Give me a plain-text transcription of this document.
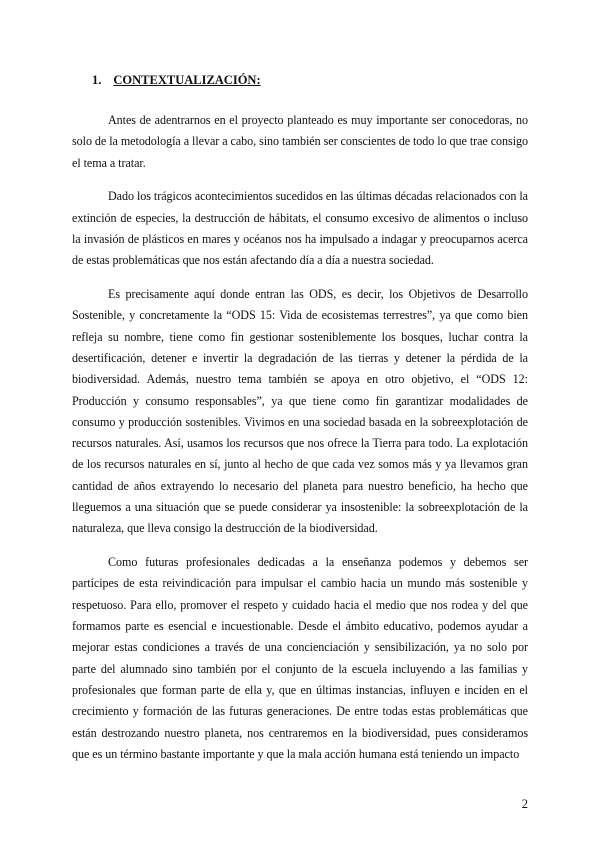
1. CONTEXTUALIZACIÓN:

Antes de adentrarnos en el proyecto planteado es muy importante ser conocedoras, no solo de la metodología a llevar a cabo, sino también ser conscientes de todo lo que trae consigo el tema a tratar.

Dado los trágicos acontecimientos sucedidos en las últimas décadas relacionados con la extinción de especies, la destrucción de hábitats, el consumo excesivo de alimentos o incluso la invasión de plásticos en mares y océanos nos ha impulsado a indagar y preocuparnos acerca de estas problemáticas que nos están afectando día a día a nuestra sociedad.

Es precisamente aquí donde entran las ODS, es decir, los Objetivos de Desarrollo Sostenible, y concretamente la “ODS 15: Vida de ecosistemas terrestres”, ya que como bien refleja su nombre, tiene como fin gestionar sosteniblemente los bosques, luchar contra la desertificación, detener e invertir la degradación de las tierras y detener la pérdida de la biodiversidad. Además, nuestro tema también se apoya en otro objetivo, el “ODS 12: Producción y consumo responsables”, ya que tiene como fin garantizar modalidades de consumo y producción sostenibles. Vivimos en una sociedad basada en la sobreexplotación de recursos naturales. Así, usamos los recursos que nos ofrece la Tierra para todo. La explotación de los recursos naturales en sí, junto al hecho de que cada vez somos más y ya llevamos gran cantidad de años extrayendo lo necesario del planeta para nuestro beneficio, ha hecho que lleguemos a una situación que se puede considerar ya insostenible: la sobreexplotación de la naturaleza, que lleva consigo la destrucción de la biodiversidad.

Como futuras profesionales dedicadas a la enseñanza podemos y debemos ser partícipes de esta reivindicación para impulsar el cambio hacia un mundo más sostenible y respetuoso. Para ello, promover el respeto y cuidado hacia el medio que nos rodea y del que formamos parte es esencial e incuestionable. Desde el ámbito educativo, podemos ayudar a mejorar estas condiciones a través de una concienciación y sensibilización, ya no solo por parte del alumnado sino también por el conjunto de la escuela incluyendo a las familias y profesionales que forman parte de ella y, que en últimas instancias, influyen e inciden en el crecimiento y formación de las futuras generaciones. De entre todas estas problemáticas que están destrozando nuestro planeta, nos centraremos en la biodiversidad, pues consideramos que es un término bastante importante y que la mala acción humana está teniendo un impacto

2
